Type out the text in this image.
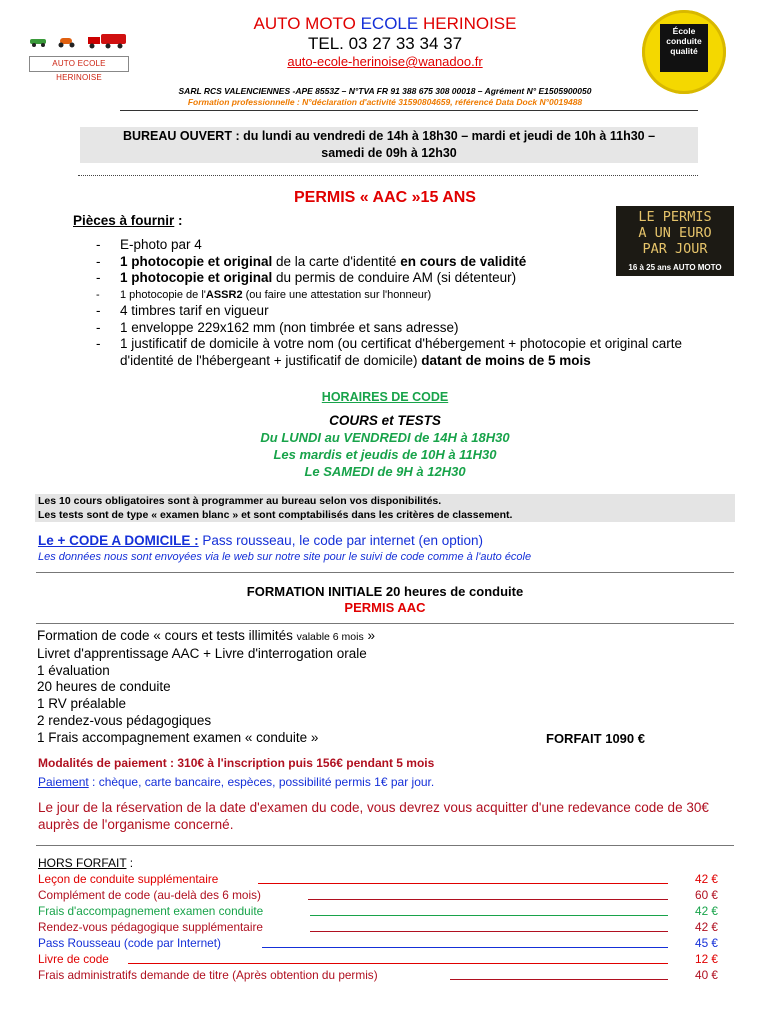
AUTO ECOLE HERINOISE
École
conduite
qualité
AUTO MOTO ECOLE HERINOISE
TEL. 03 27 33 34 37
auto-ecole-herinoise@wanadoo.fr
SARL RCS VALENCIENNES -APE 8553Z – N°TVA FR 91 388 675 308 00018 – Agrément N° E1505900050
Formation professionnelle : N°déclaration d'activité 31590804659, référencé Data Dock N°0019488
BUREAU OUVERT : du lundi au vendredi de 14h à 18h30 – mardi et jeudi de 10h à 11h30 –
samedi de 09h à 12h30
PERMIS « AAC »15 ANS
LE PERMIS
A UN EURO
PAR JOUR
16 à 25 ans AUTO MOTO
Pièces à fournir :
- E-photo par 4
- 1 photocopie et original de la carte d'identité en cours de validité
- 1 photocopie et original du permis de conduire AM (si détenteur)
- 1 photocopie de l'ASSR2 (ou faire une attestation sur l'honneur)
- 4 timbres tarif en vigueur
- 1 enveloppe 229x162 mm (non timbrée et sans adresse)
- 1 justificatif de domicile à votre nom (ou certificat d'hébergement + photocopie et original carte d'identité de l'hébergeant + justificatif de domicile) datant de moins de 5 mois
HORAIRES DE CODE
COURS et TESTS
Du LUNDI au VENDREDI de 14H à 18H30
Les mardis et jeudis de 10H à 11H30
Le SAMEDI de 9H à 12H30
Les 10 cours obligatoires sont à programmer au bureau selon vos disponibilités.
Les tests sont de type « examen blanc » et sont comptabilisés dans les critères de classement.
Le + CODE A DOMICILE : Pass rousseau, le code par internet (en option)
Les données nous sont envoyées via le web sur notre site pour le suivi de code comme à l'auto école
FORMATION INITIALE 20 heures de conduite
PERMIS AAC
Formation de code « cours et tests illimités valable 6 mois »
Livret d'apprentissage AAC + Livre d'interrogation orale
1 évaluation
20 heures de conduite
1 RV préalable
2 rendez-vous pédagogiques
1 Frais accompagnement examen « conduite »	FORFAIT 1090 €
Modalités de paiement : 310€ à l'inscription puis 156€ pendant 5 mois
Paiement : chèque, carte bancaire, espèces, possibilité permis 1€ par jour.
Le jour de la réservation de la date d'examen du code, vous devrez vous acquitter d'une redevance code de 30€ auprès de l'organisme concerné.
HORS FORFAIT :
Leçon de conduite supplémentaire	42 €
Complément de code (au-delà des 6 mois)	60 €
Frais d'accompagnement examen conduite	42 €
Rendez-vous pédagogique supplémentaire	42 €
Pass Rousseau (code par Internet)	45 €
Livre de code	12 €
Frais administratifs demande de titre (Après obtention du permis)	40 €
